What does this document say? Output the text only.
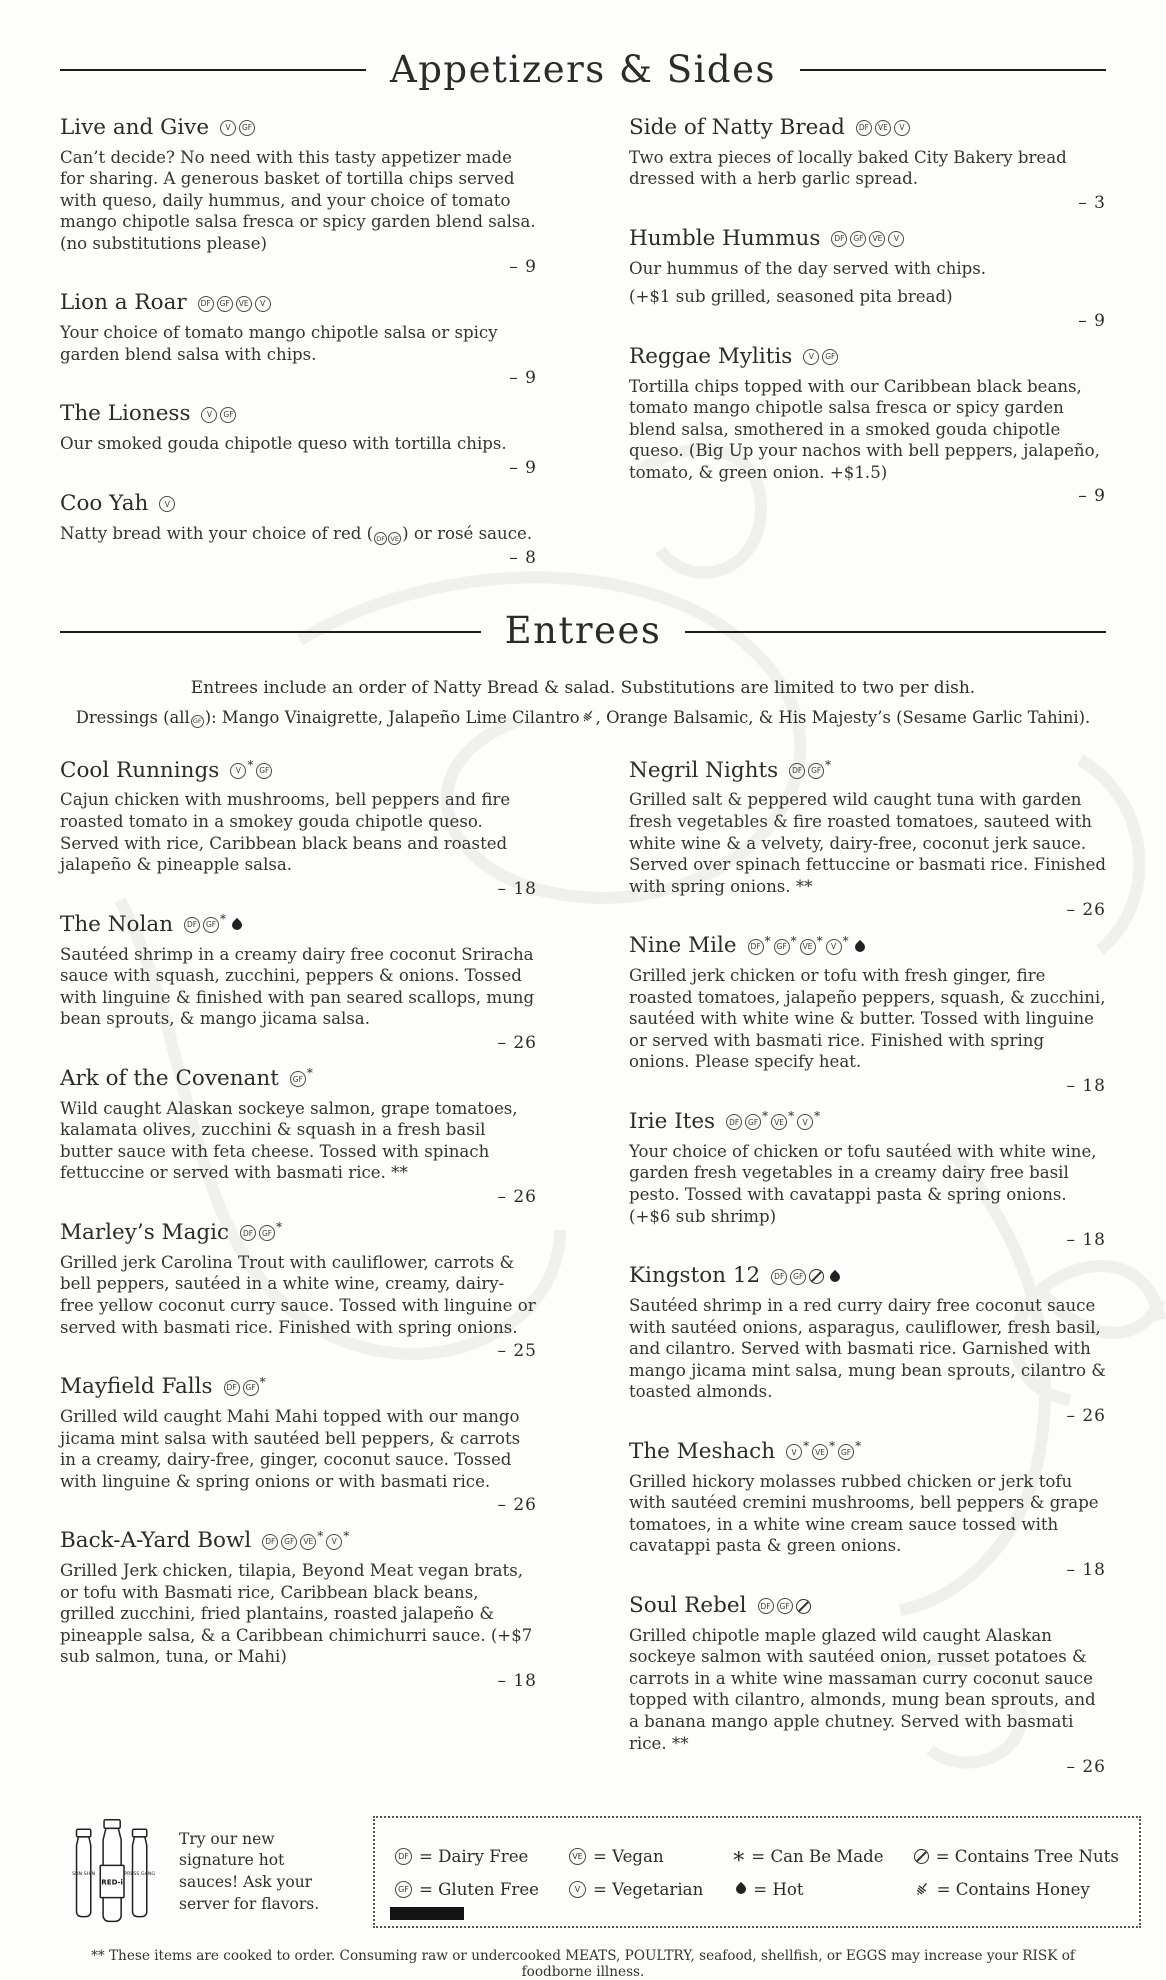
Appetizers & Sides
Live and Give	V	GF

Can’t decide? No need with this tasty appetizer made for sharing. A generous basket of tortilla chips served with queso, daily hummus, and your choice of tomato mango chipotle salsa fresca or spicy garden blend salsa. (no substitutions please)

– 9
Lion a Roar	DF	GF	VE	V

Your choice of tomato mango chipotle salsa or spicy garden blend salsa with chips.

– 9
The Lioness	V	GF

Our smoked gouda chipotle queso with tortilla chips.

– 9
Coo Yah	V

Natty bread with your choice of red ( DF VE ) or rosé sauce.

– 8
Side of Natty Bread	DF	VE	V

Two extra pieces of locally baked City Bakery bread dressed with a herb garlic spread.

– 3
Humble Hummus	DF	GF	VE	V

Our hummus of the day served with chips.

(+$1 sub grilled, seasoned pita bread)

– 9
Reggae Mylitis	V	GF

Tortilla chips topped with our Caribbean black beans, tomato mango chipotle salsa fresca or spicy garden blend salsa, smothered in a smoked gouda chipotle queso. (Big Up your nachos with bell peppers, jalapeño, tomato, & green onion. +$1.5)

– 9
Entrees

Entrees include an order of Natty Bread & salad. Substitutions are limited to two per dish.

Dressings (all GF ): Mango Vinaigrette, Jalapeño Lime Cilantro , Orange Balsamic, & His Majesty’s (Sesame Garlic Tahini).

Cool Runnings	V * GF

Cajun chicken with mushrooms, bell peppers and fire roasted tomato in a smokey gouda chipotle queso. Served with rice, Caribbean black beans and roasted jalapeño & pineapple salsa.

– 18
The Nolan	DF	GF *

Sautéed shrimp in a creamy dairy free coconut Sriracha sauce with squash, zucchini, peppers & onions. Tossed with linguine & finished with pan seared scallops, mung bean sprouts, & mango jicama salsa.

– 26
Ark of the Covenant	GF *

Wild caught Alaskan sockeye salmon, grape tomatoes, kalamata olives, zucchini & squash in a fresh basil butter sauce with feta cheese. Tossed with spinach fettuccine or served with basmati rice. **

– 26
Marley’s Magic	DF	GF *

Grilled jerk Carolina Trout with cauliflower, carrots & bell peppers, sautéed in a white wine, creamy, dairy-free yellow coconut curry sauce. Tossed with linguine or served with basmati rice. Finished with spring onions.

– 25
Mayfield Falls	DF	GF *

Grilled wild caught Mahi Mahi topped with our mango jicama mint salsa with sautéed bell peppers, & carrots in a creamy, dairy-free, ginger, coconut sauce. Tossed with linguine & spring onions or with basmati rice.

– 26
Back-A-Yard Bowl	DF	GF	VE *	V *

Grilled Jerk chicken, tilapia, Beyond Meat vegan brats, or tofu with Basmati rice, Caribbean black beans, grilled zucchini, fried plantains, roasted jalapeño & pineapple salsa, & a Caribbean chimichurri sauce. (+$7 sub salmon, tuna, or Mahi)

– 18
Negril Nights	DF	GF *

Grilled salt & peppered wild caught tuna with garden fresh vegetables & fire roasted tomatoes, sauteed with white wine & a velvety, dairy-free, coconut jerk sauce. Served over spinach fettuccine or basmati rice. Finished with spring onions. **

– 26
Nine Mile	DF * GF * VE *	V *

Grilled jerk chicken or tofu with fresh ginger, fire roasted tomatoes, jalapeño peppers, squash, & zucchini, sautéed with white wine & butter. Tossed with linguine or served with basmati rice. Finished with spring onions. Please specify heat.

– 18
Irie Ites	DF	GF * VE *	V *

Your choice of chicken or tofu sautéed with white wine, garden fresh vegetables in a creamy dairy free basil pesto. Tossed with cavatappi pasta & spring onions. (+$6 sub shrimp)

– 18
Kingston 12	DF	GF

Sautéed shrimp in a red curry dairy free coconut sauce with sautéed onions, asparagus, cauliflower, fresh basil, and cilantro. Served with basmati rice. Garnished with mango jicama mint salsa, mung bean sprouts, cilantro & toasted almonds.

– 26
The Meshach	V * VE * GF *

Grilled hickory molasses rubbed chicken or jerk tofu with sautéed cremini mushrooms, bell peppers & grape tomatoes, in a white wine cream sauce tossed with cavatappi pasta & green onions.

– 18
Soul Rebel	DF	GF

Grilled chipotle maple glazed wild caught Alaskan sockeye salmon with sautéed onion, russet potatoes & carrots in a white wine massaman curry coconut sauce topped with cilantro, almonds, mung bean sprouts, and a banana mango apple chutney. Served with basmati rice. **

– 26
SUN SHIN
RED-i
PRESS GANG
Try our new signature hot sauces! Ask your server for flavors.
DF = Dairy Free	VE = Vegan	* = Can Be Made	= Contains Tree Nuts
GF = Gluten Free	V = Vegetarian	= Hot	= Contains Honey

** These items are cooked to order. Consuming raw or undercooked MEATS, POULTRY, seafood, shellfish, or EGGS may increase your RISK of foodborne illness.
